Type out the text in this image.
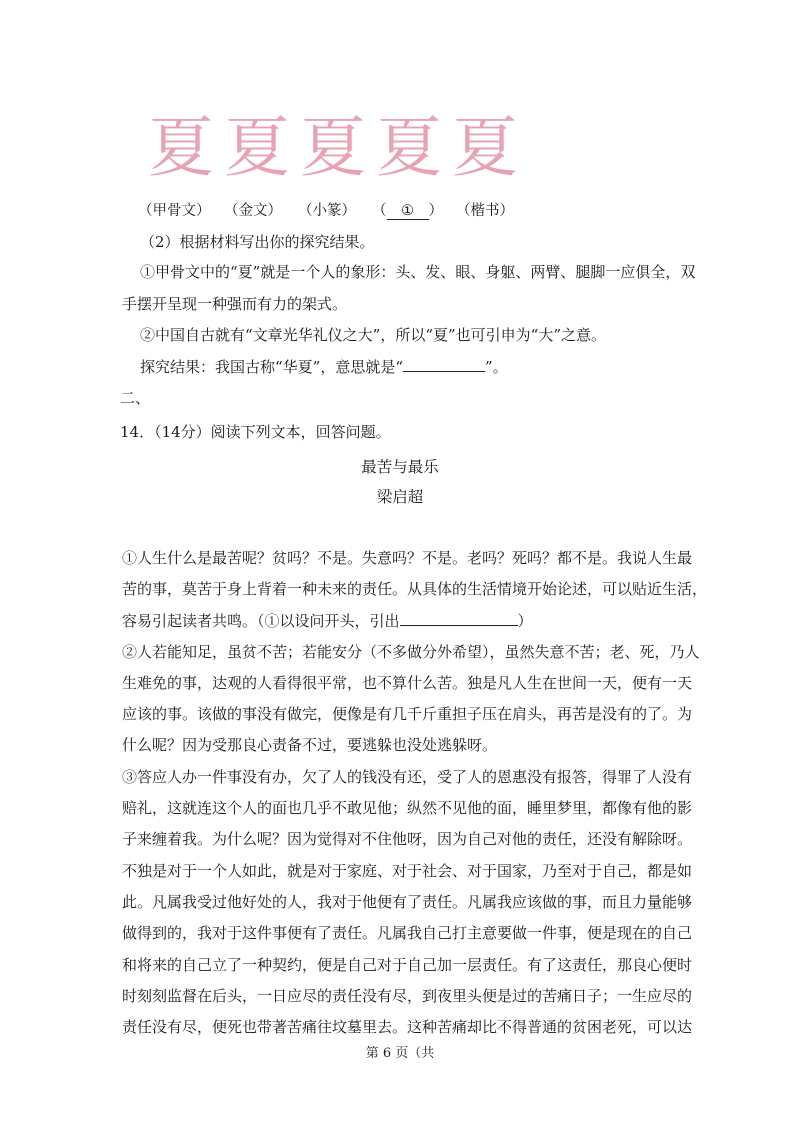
夏 夏 夏 夏 夏
（甲骨文） （金文） （小篆） （ ① ） （楷书）
（2）根据材料写出你的探究结果。
①甲骨文中的“夏”就是一个人的象形：头、发、眼、身躯、两臂、腿脚一应俱全，双
手摆开呈现一种强而有力的架式。
②中国自古就有“文章光华礼仪之大”，所以“夏”也可引申为“大”之意。
探究结果：我国古称“华夏”，意思就是“	”。
二、
14．（14分）阅读下列文本，回答问题。
最苦与最乐
梁启超
①人生什么是最苦呢？贫吗？不是。失意吗？不是。老吗？死吗？都不是。我说人生最
苦的事，莫苦于身上背着一种未来的责任。从具体的生活情境开始论述，可以贴近生活，
容易引起读者共鸣。（①以设问开头，引出	）
②人若能知足，虽贫不苦；若能安分（不多做分外希望），虽然失意不苦；老、死，乃人
生难免的事，达观的人看得很平常，也不算什么苦。独是凡人生在世间一天，便有一天
应该的事。该做的事没有做完，便像是有几千斤重担子压在肩头，再苦是没有的了。为
什么呢？因为受那良心责备不过，要逃躲也没处逃躲呀。
③答应人办一件事没有办，欠了人的钱没有还，受了人的恩惠没有报答，得罪了人没有
赔礼，这就连这个人的面也几乎不敢见他；纵然不见他的面，睡里梦里，都像有他的影
子来缠着我。为什么呢？因为觉得对不住他呀，因为自己对他的责任，还没有解除呀。
不独是对于一个人如此，就是对于家庭、对于社会、对于国家，乃至对于自己，都是如
此。凡属我受过他好处的人，我对于他便有了责任。凡属我应该做的事，而且力量能够
做得到的，我对于这件事便有了责任。凡属我自己打主意要做一件事，便是现在的自己
和将来的自己立了一种契约，便是自己对于自己加一层责任。有了这责任，那良心便时
时刻刻监督在后头，一日应尽的责任没有尽，到夜里头便是过的苦痛日子；一生应尽的
责任没有尽，便死也带著苦痛往坟墓里去。这种苦痛却比不得普通的贫困老死，可以达
第 6 页（共
